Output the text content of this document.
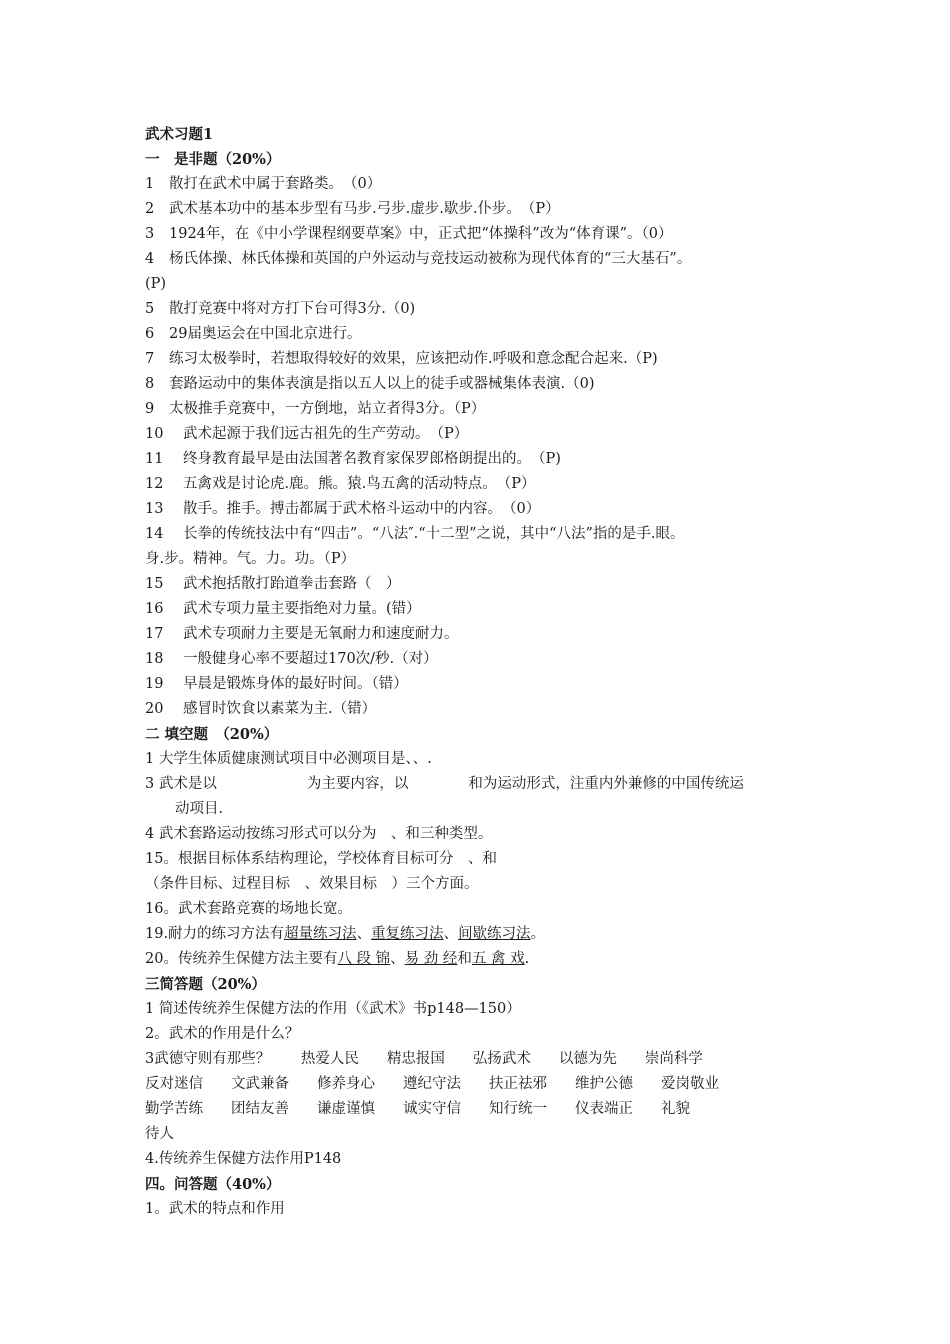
武术习题1
一　是非题（20%）
1 散打在武术中属于套路类。　（0）
2 武术基本功中的基本步型有马步.弓步.虚步.歇步.仆步。　（P）
3 1924年，在《中小学课程纲要草案》中，正式把“体操科”改为“体育课”。（0）
4 杨氏体操、林氏体操和英国的户外运动与竞技运动被称为现代体育的“三大基石”。
(P)
5 散打竞赛中将对方打下台可得3分.（0)
6 29届奥运会在中国北京进行。
7 练习太极拳时，若想取得较好的效果，应该把动作.呼吸和意念配合起来.（P)
8 套路运动中的集体表演是指以五人以上的徒手或器械集体表演.（0)
9 太极推手竞赛中，一方倒地，站立者得3分。（P）
10 武术起源于我们远古祖先的生产劳动。　（P）
11 终身教育最早是由法国著名教育家保罗郎格朗提出的。　（P)
12 五禽戏是讨论虎.鹿。熊。猿.鸟五禽的活动特点。　（P）
13 散手。推手。搏击都属于武术格斗运动中的内容。　（0）
14 长拳的传统技法中有“四击”。“八法″.“十二型”之说，其中“八法”指的是手.眼。
身.步。精神。气。力。功。（P）
15 武术抱括散打跆道拳击套路（　）
16 武术专项力量主要指绝对力量。(错）
17 武术专项耐力主要是无氧耐力和速度耐力。
18 一般健身心率不要超过170次/秒.（对）
19 早晨是锻炼身体的最好时间。（错）
20 感冒时饮食以素菜为主.（错）
二 填空题　（20%）
1 大学生体质健康测试项目中必测项目是、、.
3 武术是以	为主要内容，以	和为运动形式，注重内外兼修的中国传统运
动项目.
4 武术套路运动按练习形式可以分为　、和三种类型。
15。根据目标体系结构理论，学校体育目标可分　、和
（条件目标、过程目标　、效果目标　）三个方面。
16。武术套路竞赛的场地长宽。
19.耐力的练习方法有超量练习法、重复练习法、间歇练习法。
20。传统养生保健方法主要有八 段 锦、易 劲 经和五 禽 戏.
三简答题（20%）
1 简述传统养生保健方法的作用（《武术》书p148—150）
2。武术的作用是什么？
3武德守则有那些？ 热爱人民 精忠报国 弘扬武术 以德为先 崇尚科学
反对迷信 文武兼备 修养身心 遵纪守法 扶正祛邪 维护公德 爱岗敬业
勤学苦练 团结友善 谦虚谨慎 诚实守信 知行统一 仪表端正 礼貌
待人
4.传统养生保健方法作用P148
四。问答题（40%）
1。武术的特点和作用
